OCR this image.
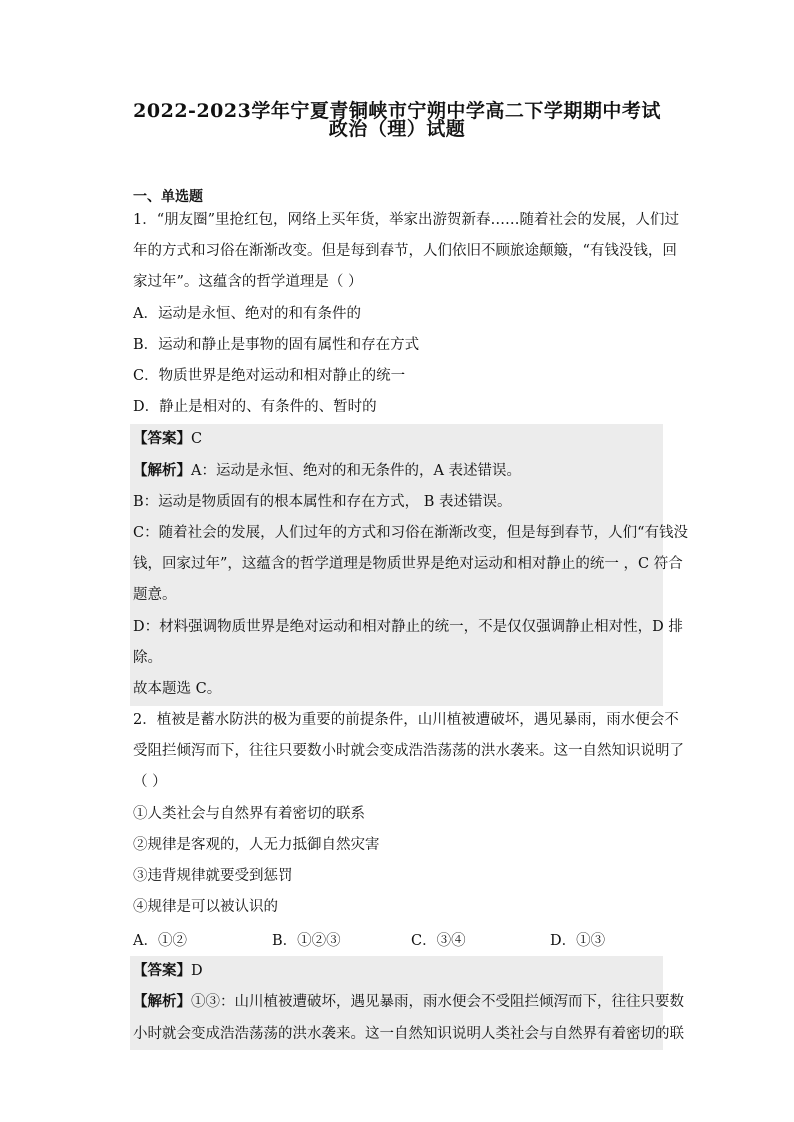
2022-2023学年宁夏青铜峡市宁朔中学高二下学期期中考试
政治（理）试题
一、单选题
1．“朋友圈”里抢红包，网络上买年货，举家出游贺新春……随着社会的发展，人们过
年的方式和习俗在渐渐改变。但是每到春节，人们依旧不顾旅途颠簸，“有钱没钱，回
家过年”。这蕴含的哲学道理是（ ）
A．运动是永恒、绝对的和有条件的
B．运动和静止是事物的固有属性和存在方式
C．物质世界是绝对运动和相对静止的统一
D．静止是相对的、有条件的、暂时的
【答案】C
【解析】A：运动是永恒、绝对的和无条件的，A 表述错误。
B：运动是物质固有的根本属性和存在方式， B 表述错误。
C：随着社会的发展，人们过年的方式和习俗在渐渐改变，但是每到春节，人们“有钱没
钱，回家过年”，这蕴含的哲学道理是物质世界是绝对运动和相对静止的统一 ，C 符合
题意。
D：材料强调物质世界是绝对运动和相对静止的统一，不是仅仅强调静止相对性，D 排
除。
故本题选 C。
2．植被是蓄水防洪的极为重要的前提条件，山川植被遭破坏，遇见暴雨，雨水便会不
受阻拦倾泻而下，往往只要数小时就会变成浩浩荡荡的洪水袭来。这一自然知识说明了
（ ）
①人类社会与自然界有着密切的联系
②规律是客观的，人无力抵御自然灾害
③违背规律就要受到惩罚
④规律是可以被认识的
A．①②	B．①②③	C．③④	D．①③
【答案】D
【解析】①③：山川植被遭破坏，遇见暴雨，雨水便会不受阻拦倾泻而下，往往只要数
小时就会变成浩浩荡荡的洪水袭来。这一自然知识说明人类社会与自然界有着密切的联
